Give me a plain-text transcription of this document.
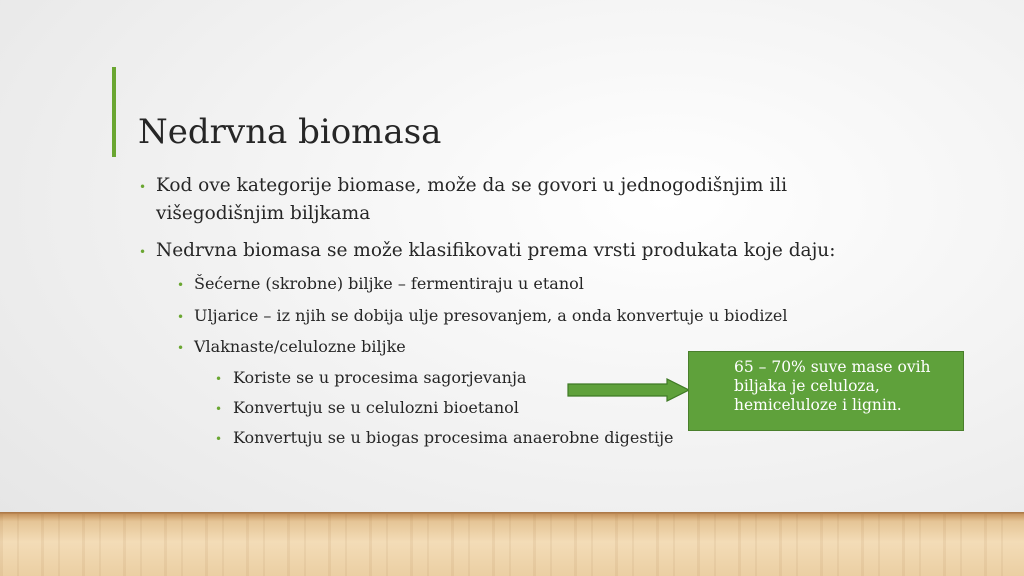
Nedrvna biomasa
• Kod ove kategorije biomase, može da se govori u jednogodišnjim ili
višegodišnjim biljkama
• Nedrvna biomasa se može klasifikovati prema vrsti produkata koje daju:
• Šećerne (skrobne) biljke – fermentiraju u etanol
• Uljarice – iz njih se dobija ulje presovanjem, a onda konvertuje u biodizel
• Vlaknaste/celulozne biljke
• Koriste se u procesima sagorjevanja
• Konvertuju se u celulozni bioetanol
• Konvertuju se u biogas procesima anaerobne digestije
65 – 70% suve mase ovih
biljaka je celuloza,
hemiceluloze i lignin.
